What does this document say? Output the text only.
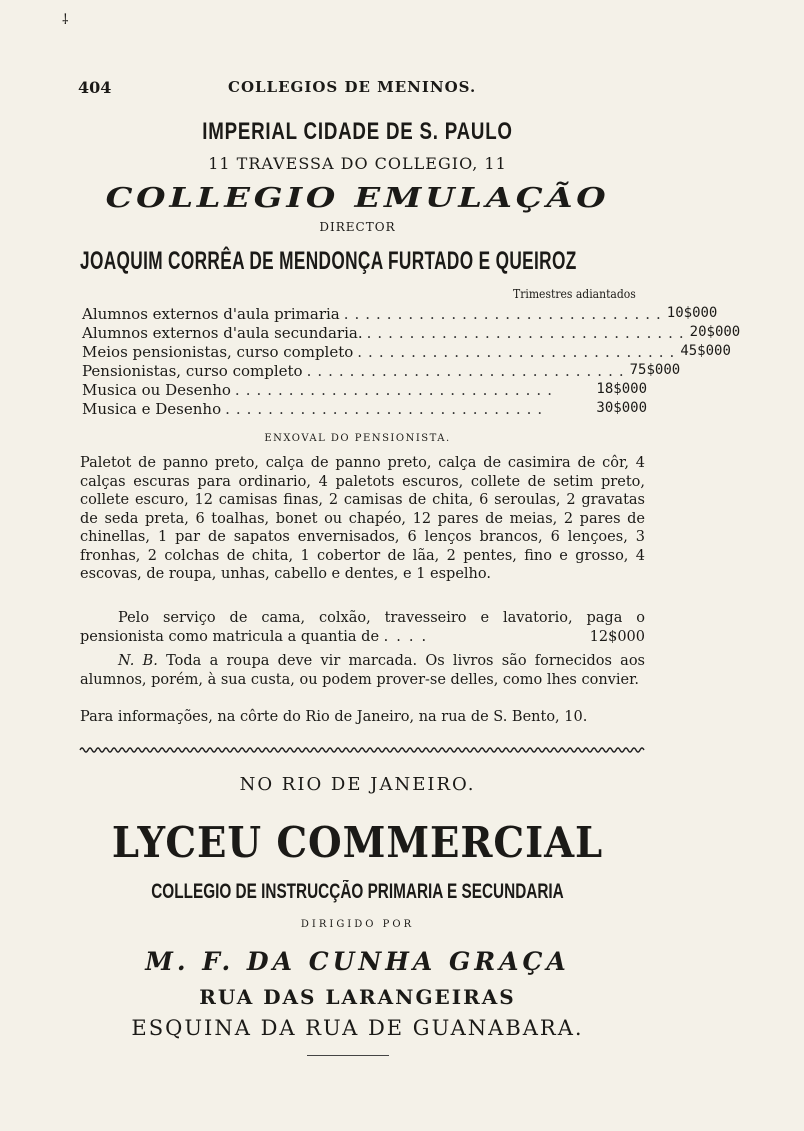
⸸
404	COLLEGIOS DE MENINOS.
IMPERIAL CIDADE DE S. PAULO
11 TRAVESSA DO COLLEGIO, 11
COLLEGIO EMULAÇÃO
DIRECTOR
JOAQUIM CORRÊA DE MENDONÇA FURTADO E QUEIROZ
Trimestres adiantados
Alumnos externos d'aula primaria .............................. 10$000
Alumnos externos d'aula secundaria. .............................. 20$000
Meios pensionistas, curso completo .............................. 45$000
Pensionistas, curso completo .............................. 75$000
Musica ou Desenho ..............................	18$000
Musica e Desenho ..............................	30$000
ENXOVAL DO PENSIONISTA.
Paletot de panno preto, calça de panno preto, calça de casimira de côr, 4 calças escuras para ordinario, 4 paletots escuros, collete de setim preto, collete escuro, 12 camisas finas, 2 camisas de chita, 6 seroulas, 2 gravatas de seda preta, 6 toalhas, bonet ou chapéo, 12 pares de meias, 2 pares de chinellas, 1 par de sapatos envernisados, 6 lenços brancos, 6 lençoes, 3 fronhas, 2 colchas de chita, 1 cobertor de lãa, 2 pentes, fino e grosso, 4 escovas, de roupa, unhas, cabello e dentes, e 1 espelho.
Pelo serviço de cama, colxão, travesseiro e lavatorio, paga o pensionista como matricula a quantia de ....	12$000
N. B. Toda a roupa deve vir marcada. Os livros são fornecidos aos alumnos, porém, à sua custa, ou podem prover-se delles, como lhes convier.
Para informações, na côrte do Rio de Janeiro, na rua de S. Bento, 10.
NO RIO DE JANEIRO.
LYCEU COMMERCIAL
COLLEGIO DE INSTRUCÇÃO PRIMARIA E SECUNDARIA
DIRIGIDO POR
M. F. DA CUNHA GRAÇA
RUA DAS LARANGEIRAS
ESQUINA DA RUA DE GUANABARA.
